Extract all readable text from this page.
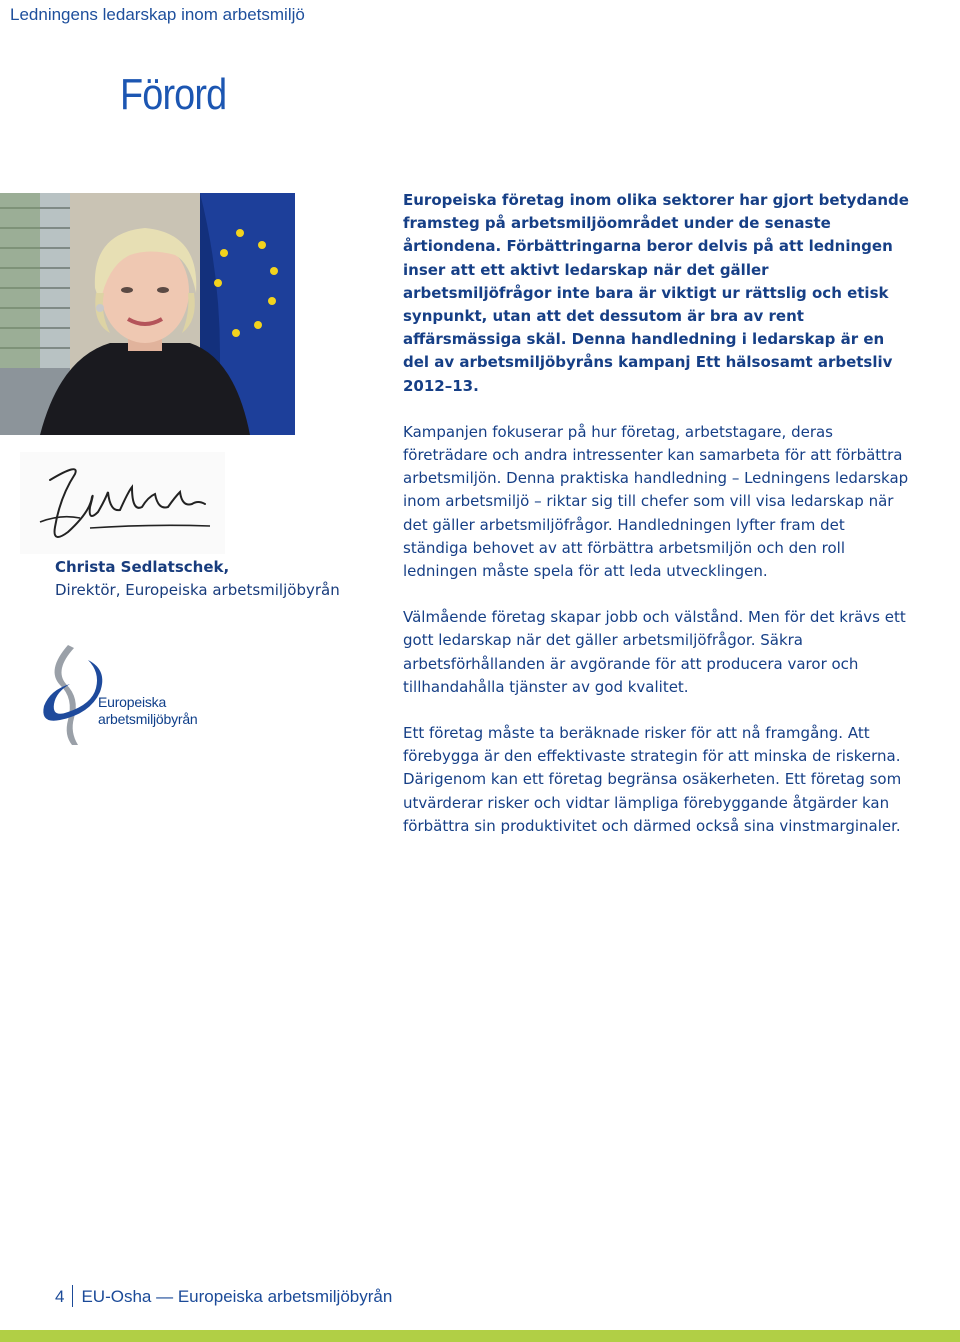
Ledningens ledarskap inom arbetsmiljö
Förord
Christa Sedlatschek,
Direktör, Europeiska arbetsmiljöbyrån
Europeiska
arbetsmiljöbyrån

Europeiska företag inom olika sektorer har gjort betydande framsteg på arbetsmiljöområdet under de senaste årtiondena. Förbättringarna beror delvis på att ledningen inser att ett aktivt ledarskap när det gäller arbetsmiljöfrågor inte bara är viktigt ur rättslig och etisk synpunkt, utan att det dessutom är bra av rent affärsmässiga skäl. Denna handledning i ledarskap är en del av arbetsmiljöbyråns kampanj Ett hälsosamt arbetsliv 2012–13.

Kampanjen fokuserar på hur företag, arbetstagare, deras företrädare och andra intressenter kan samarbeta för att förbättra arbetsmiljön. Denna praktiska handledning – Ledningens ledarskap inom arbetsmiljö – riktar sig till chefer som vill visa ledarskap när det gäller arbetsmiljöfrågor. Handledningen lyfter fram det ständiga behovet av att förbättra arbetsmiljön och den roll ledningen måste spela för att leda utvecklingen.

Välmående företag skapar jobb och välstånd. Men för det krävs ett gott ledarskap när det gäller arbetsmiljöfrågor. Säkra arbetsförhållanden är avgörande för att producera varor och tillhandahålla tjänster av god kvalitet.

Ett företag måste ta beräknade risker för att nå framgång. Att förebygga är den effektivaste strategin för att minska de riskerna. Därigenom kan ett företag begränsa osäkerheten. Ett företag som utvärderar risker och vidtar lämpliga förebyggande åtgärder kan förbättra sin produktivitet och därmed också sina vinstmarginaler.

4 EU-Osha — Europeiska arbetsmiljöbyrån
